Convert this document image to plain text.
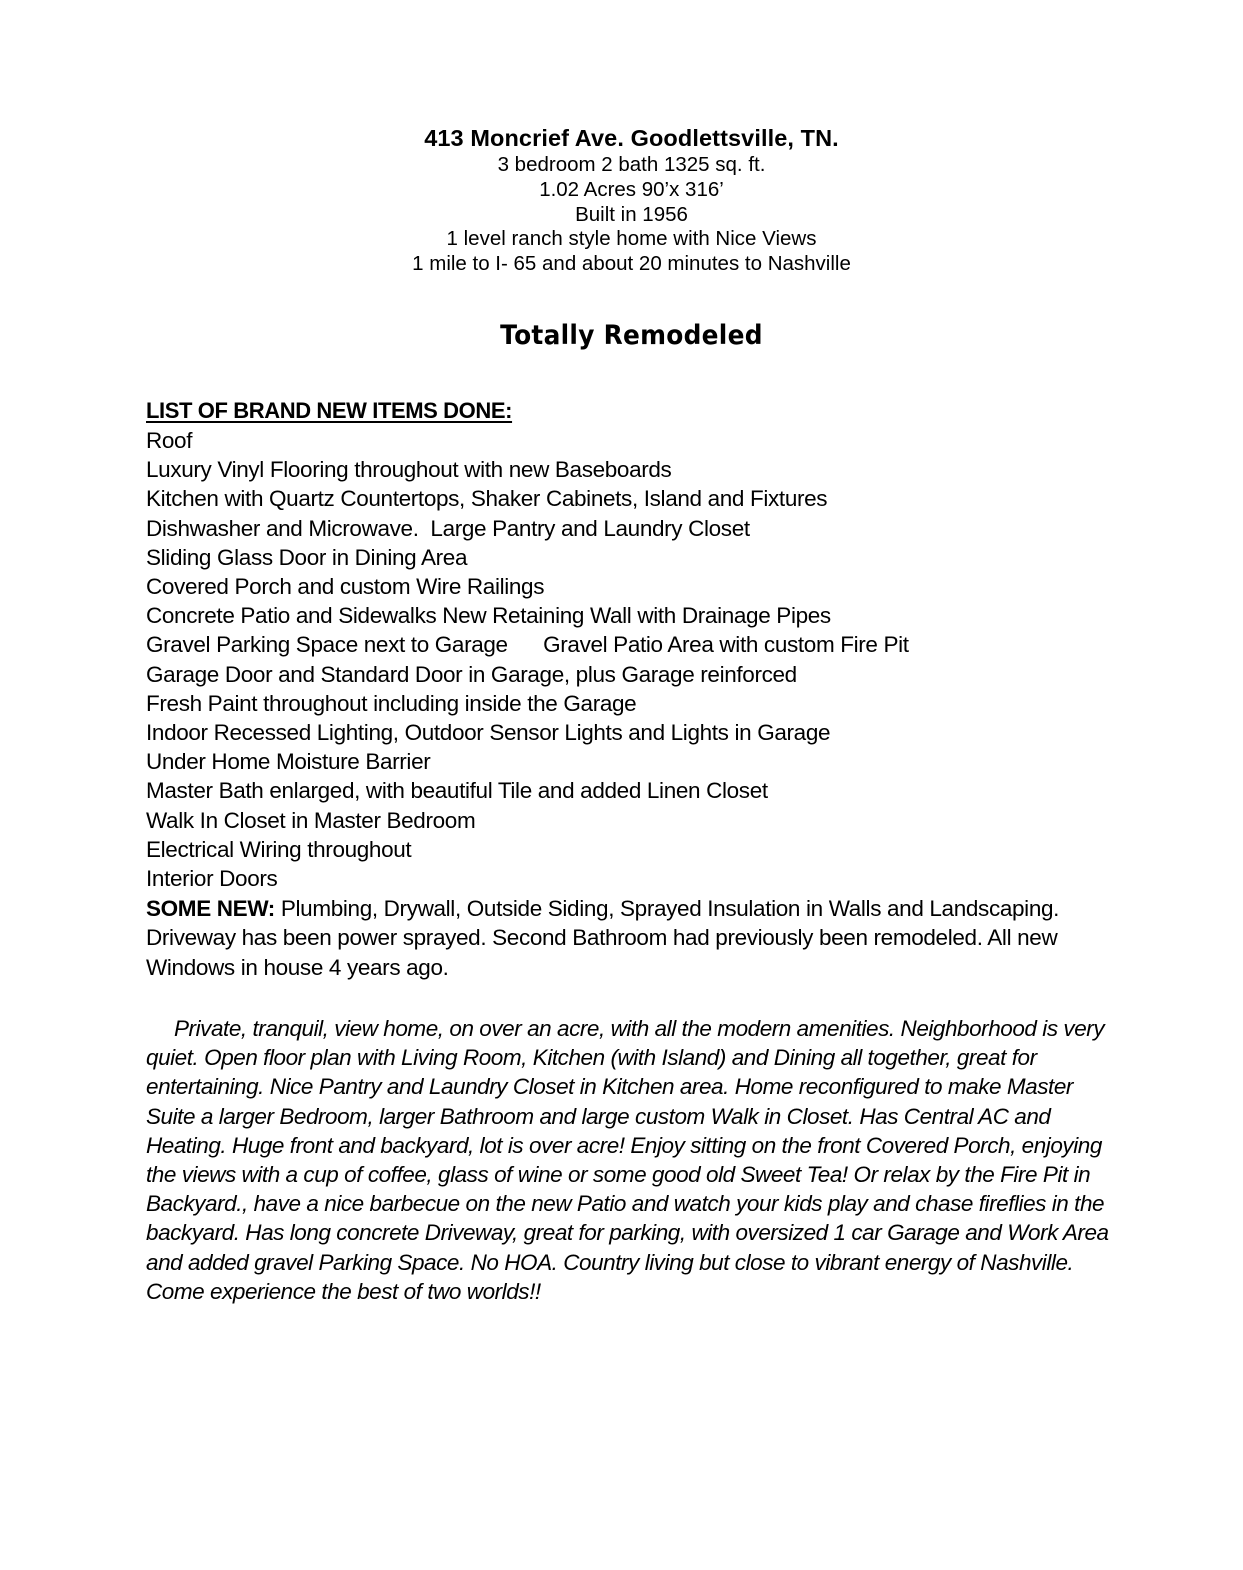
413 Moncrief Ave. Goodlettsville, TN.
3 bedroom 2 bath 1325 sq. ft.
1.02 Acres 90’x 316’
Built in 1956
1 level ranch style home with Nice Views
1 mile to I- 65 and about 20 minutes to Nashville
Totally Remodeled
LIST OF BRAND NEW ITEMS DONE:
Roof
Luxury Vinyl Flooring throughout with new Baseboards
Kitchen with Quartz Countertops, Shaker Cabinets, Island and Fixtures
Dishwasher and Microwave.  Large Pantry and Laundry Closet
Sliding Glass Door in Dining Area
Covered Porch and custom Wire Railings
Concrete Patio and Sidewalks New Retaining Wall with Drainage Pipes
Gravel Parking Space next to Garage      Gravel Patio Area with custom Fire Pit
Garage Door and Standard Door in Garage, plus Garage reinforced
Fresh Paint throughout including inside the Garage
Indoor Recessed Lighting, Outdoor Sensor Lights and Lights in Garage
Under Home Moisture Barrier
Master Bath enlarged, with beautiful Tile and added Linen Closet
Walk In Closet in Master Bedroom
Electrical Wiring throughout
Interior Doors
SOME NEW: Plumbing, Drywall, Outside Siding, Sprayed Insulation in Walls and Landscaping. Driveway has been power sprayed. Second Bathroom had previously been remodeled. All new Windows in house 4 years ago.
Private, tranquil, view home, on over an acre, with all the modern amenities. Neighborhood is very quiet. Open floor plan with Living Room, Kitchen (with Island) and Dining all together, great for entertaining. Nice Pantry and Laundry Closet in Kitchen area. Home reconfigured to make Master Suite a larger Bedroom, larger Bathroom and large custom Walk in Closet. Has Central AC and Heating. Huge front and backyard, lot is over acre! Enjoy sitting on the front Covered Porch, enjoying the views with a cup of coffee, glass of wine or some good old Sweet Tea! Or relax by the Fire Pit in Backyard., have a nice barbecue on the new Patio and watch your kids play and chase fireflies in the backyard. Has long concrete Driveway, great for parking, with oversized 1 car Garage and Work Area and added gravel Parking Space. No HOA. Country living but close to vibrant energy of Nashville. Come experience the best of two worlds!!
